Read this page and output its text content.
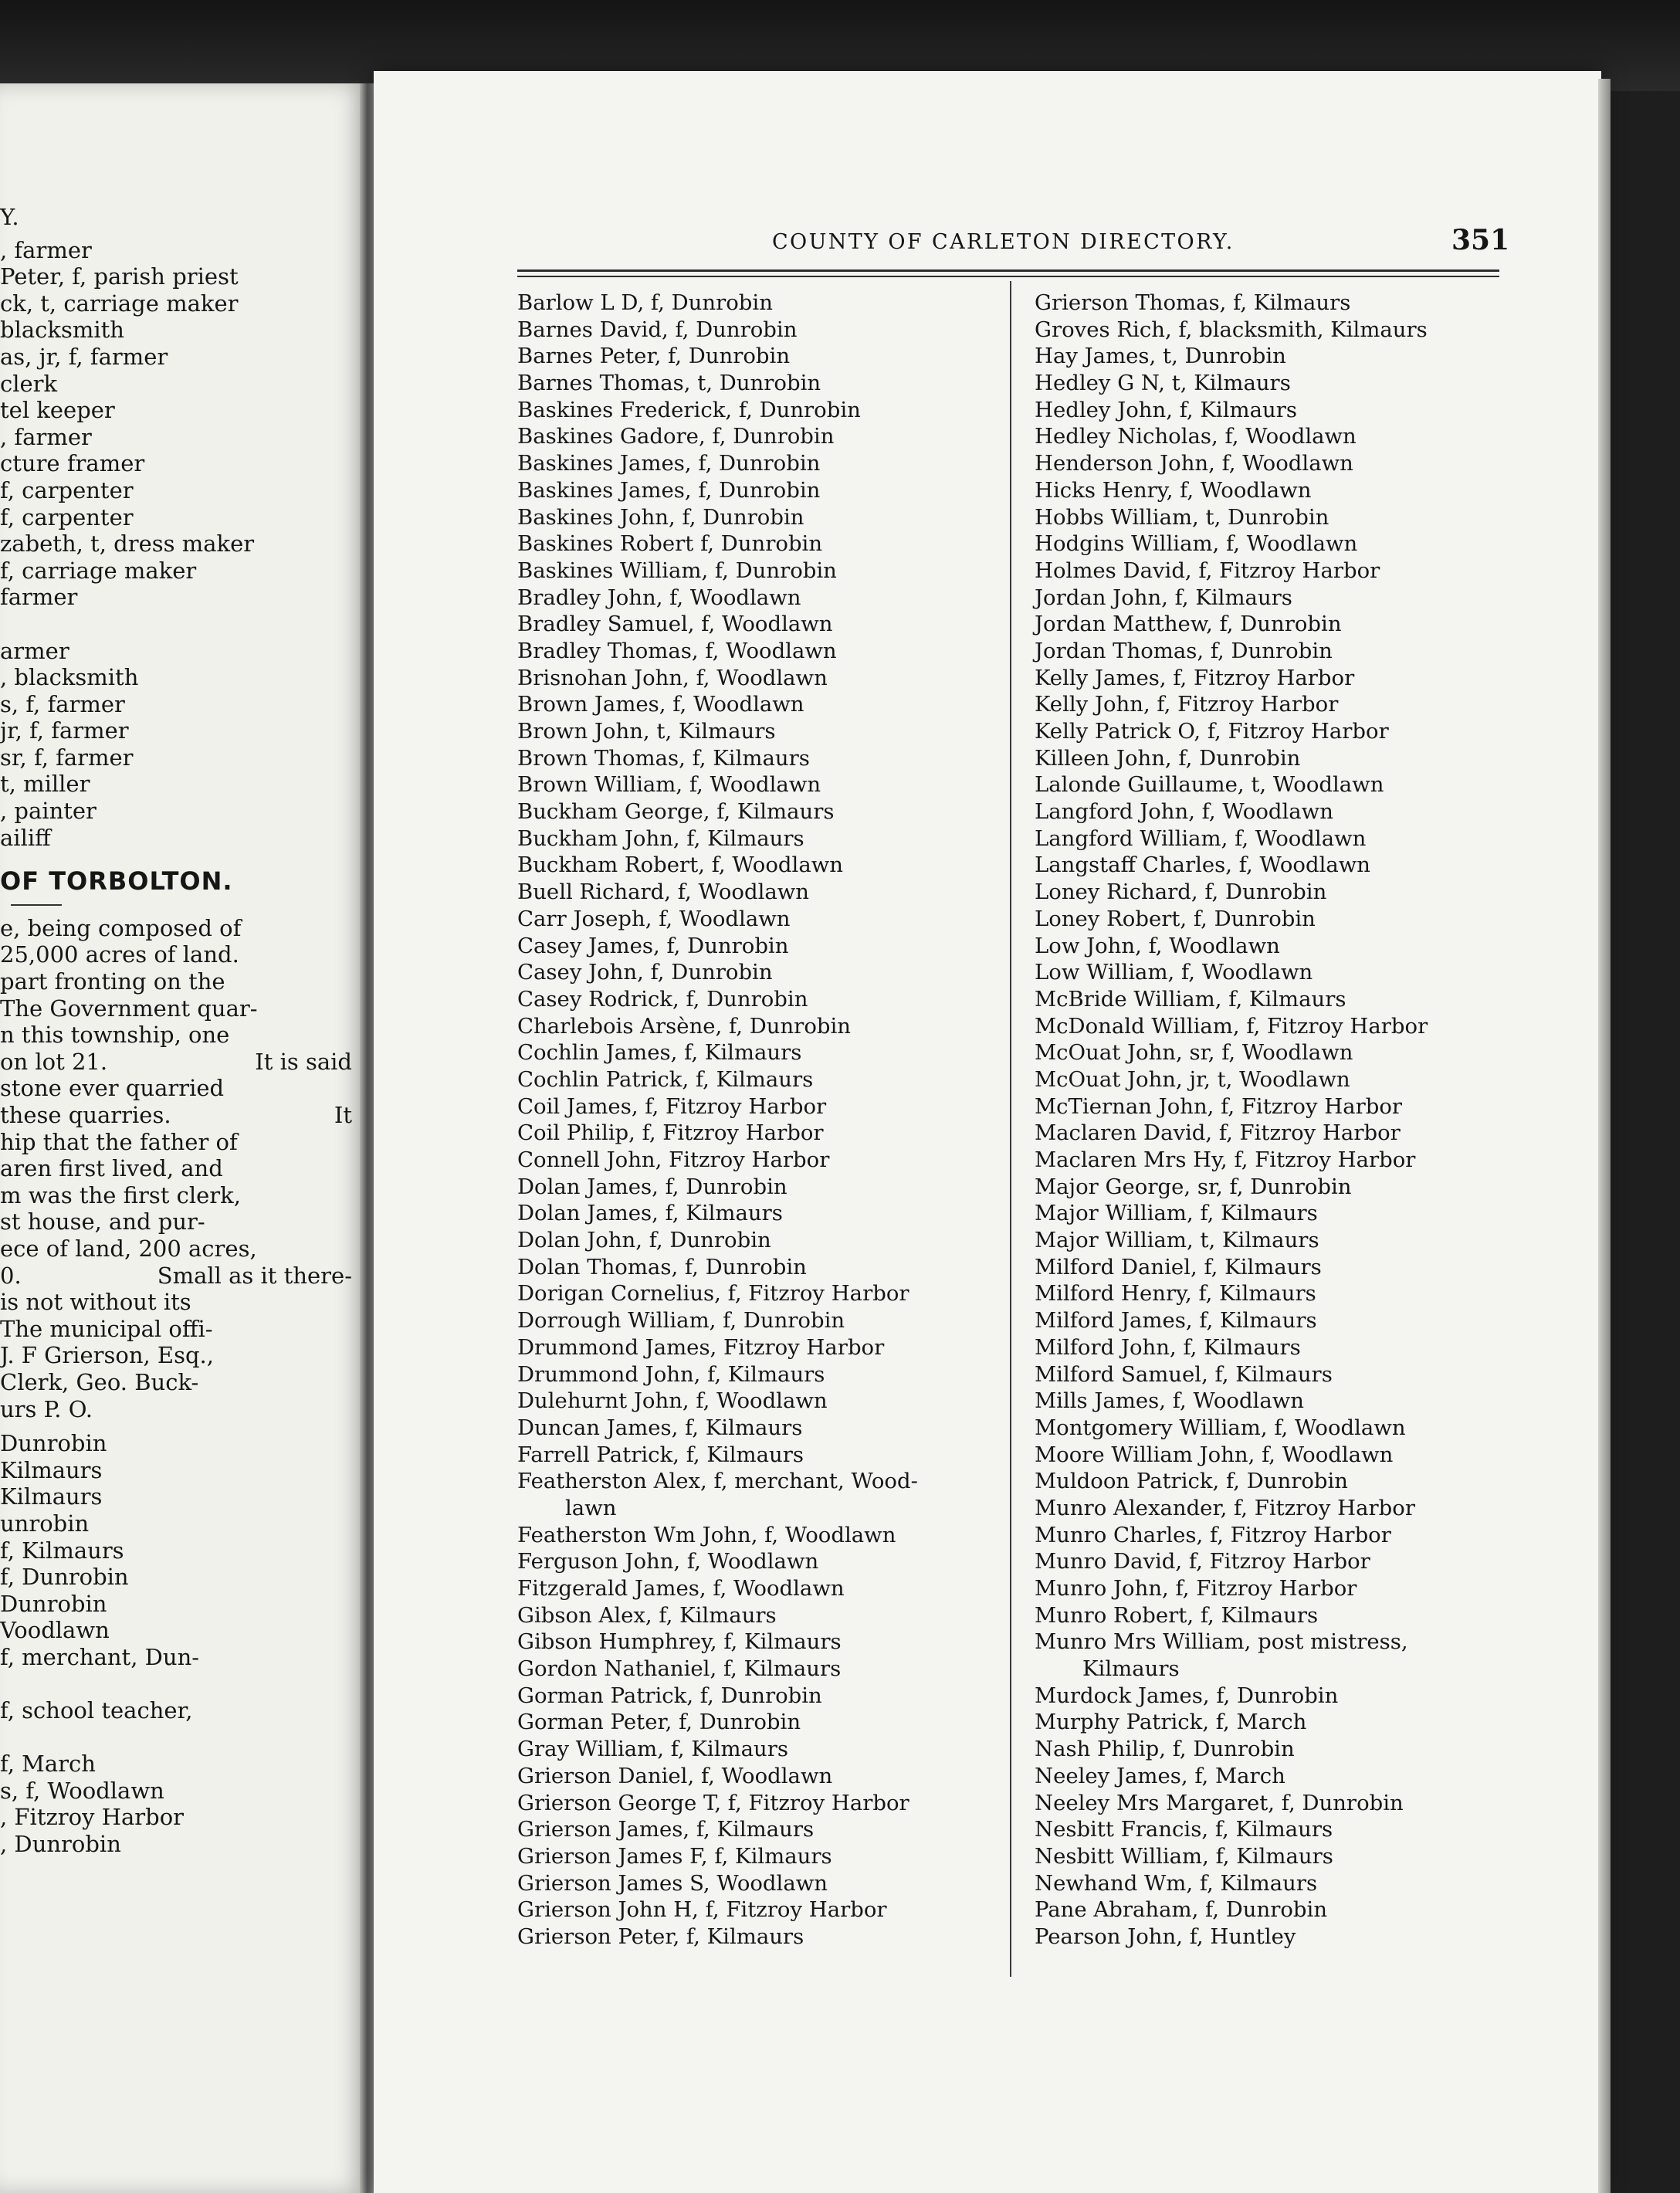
Y.
, farmer
Peter, f, parish priest
ck, t, carriage maker
blacksmith
as, jr, f, farmer
clerk
tel keeper
, farmer
cture framer
f, carpenter
f, carpenter
zabeth, t, dress maker
f, carriage maker
farmer
armer
, blacksmith
s, f, farmer
jr, f, farmer
sr, f, farmer
t, miller
, painter
ailiff
OF TORBOLTON.
e, being composed of
25,000 acres of land.
part fronting on the
The Government quar-
n this township, one
on lot 21.	It is said
stone ever quarried
these quarries.	It
hip that the father of
aren first lived, and
m was the first clerk,
st house, and pur-
ece of land, 200 acres,
0.	Small as it there-
is not without its
The municipal offi-
J. F Grierson, Esq.,
Clerk, Geo. Buck-
urs P. O.
Dunrobin
Kilmaurs
Kilmaurs
unrobin
f, Kilmaurs
f, Dunrobin
Dunrobin
Voodlawn
f, merchant, Dun-
f, school teacher,
f, March
s, f, Woodlawn
, Fitzroy Harbor
, Dunrobin
COUNTY OF CARLETON DIRECTORY.	351
Barlow L D, f, Dunrobin
Barnes David, f, Dunrobin
Barnes Peter, f, Dunrobin
Barnes Thomas, t, Dunrobin
Baskines Frederick, f, Dunrobin
Baskines Gadore, f, Dunrobin
Baskines James, f, Dunrobin
Baskines James, f, Dunrobin
Baskines John, f, Dunrobin
Baskines Robert f, Dunrobin
Baskines William, f, Dunrobin
Bradley John, f, Woodlawn
Bradley Samuel, f, Woodlawn
Bradley Thomas, f, Woodlawn
Brisnohan John, f, Woodlawn
Brown James, f, Woodlawn
Brown John, t, Kilmaurs
Brown Thomas, f, Kilmaurs
Brown William, f, Woodlawn
Buckham George, f, Kilmaurs
Buckham John, f, Kilmaurs
Buckham Robert, f, Woodlawn
Buell Richard, f, Woodlawn
Carr Joseph, f, Woodlawn
Casey James, f, Dunrobin
Casey John, f, Dunrobin
Casey Rodrick, f, Dunrobin
Charlebois Arsène, f, Dunrobin
Cochlin James, f, Kilmaurs
Cochlin Patrick, f, Kilmaurs
Coil James, f, Fitzroy Harbor
Coil Philip, f, Fitzroy Harbor
Connell John, Fitzroy Harbor
Dolan James, f, Dunrobin
Dolan James, f, Kilmaurs
Dolan John, f, Dunrobin
Dolan Thomas, f, Dunrobin
Dorigan Cornelius, f, Fitzroy Harbor
Dorrough William, f, Dunrobin
Drummond James, Fitzroy Harbor
Drummond John, f, Kilmaurs
Dulehurnt John, f, Woodlawn
Duncan James, f, Kilmaurs
Farrell Patrick, f, Kilmaurs
Featherston Alex, f, merchant, Wood-
lawn
Featherston Wm John, f, Woodlawn
Ferguson John, f, Woodlawn
Fitzgerald James, f, Woodlawn
Gibson Alex, f, Kilmaurs
Gibson Humphrey, f, Kilmaurs
Gordon Nathaniel, f, Kilmaurs
Gorman Patrick, f, Dunrobin
Gorman Peter, f, Dunrobin
Gray William, f, Kilmaurs
Grierson Daniel, f, Woodlawn
Grierson George T, f, Fitzroy Harbor
Grierson James, f, Kilmaurs
Grierson James F, f, Kilmaurs
Grierson James S, Woodlawn
Grierson John H, f, Fitzroy Harbor
Grierson Peter, f, Kilmaurs
Grierson Thomas, f, Kilmaurs
Groves Rich, f, blacksmith, Kilmaurs
Hay James, t, Dunrobin
Hedley G N, t, Kilmaurs
Hedley John, f, Kilmaurs
Hedley Nicholas, f, Woodlawn
Henderson John, f, Woodlawn
Hicks Henry, f, Woodlawn
Hobbs William, t, Dunrobin
Hodgins William, f, Woodlawn
Holmes David, f, Fitzroy Harbor
Jordan John, f, Kilmaurs
Jordan Matthew, f, Dunrobin
Jordan Thomas, f, Dunrobin
Kelly James, f, Fitzroy Harbor
Kelly John, f, Fitzroy Harbor
Kelly Patrick O, f, Fitzroy Harbor
Killeen John, f, Dunrobin
Lalonde Guillaume, t, Woodlawn
Langford John, f, Woodlawn
Langford William, f, Woodlawn
Langstaff Charles, f, Woodlawn
Loney Richard, f, Dunrobin
Loney Robert, f, Dunrobin
Low John, f, Woodlawn
Low William, f, Woodlawn
McBride William, f, Kilmaurs
McDonald William, f, Fitzroy Harbor
McOuat John, sr, f, Woodlawn
McOuat John, jr, t, Woodlawn
McTiernan John, f, Fitzroy Harbor
Maclaren David, f, Fitzroy Harbor
Maclaren Mrs Hy, f, Fitzroy Harbor
Major George, sr, f, Dunrobin
Major William, f, Kilmaurs
Major William, t, Kilmaurs
Milford Daniel, f, Kilmaurs
Milford Henry, f, Kilmaurs
Milford James, f, Kilmaurs
Milford John, f, Kilmaurs
Milford Samuel, f, Kilmaurs
Mills James, f, Woodlawn
Montgomery William, f, Woodlawn
Moore William John, f, Woodlawn
Muldoon Patrick, f, Dunrobin
Munro Alexander, f, Fitzroy Harbor
Munro Charles, f, Fitzroy Harbor
Munro David, f, Fitzroy Harbor
Munro John, f, Fitzroy Harbor
Munro Robert, f, Kilmaurs
Munro Mrs William, post mistress,
Kilmaurs
Murdock James, f, Dunrobin
Murphy Patrick, f, March
Nash Philip, f, Dunrobin
Neeley James, f, March
Neeley Mrs Margaret, f, Dunrobin
Nesbitt Francis, f, Kilmaurs
Nesbitt William, f, Kilmaurs
Newhand Wm, f, Kilmaurs
Pane Abraham, f, Dunrobin
Pearson John, f, Huntley
